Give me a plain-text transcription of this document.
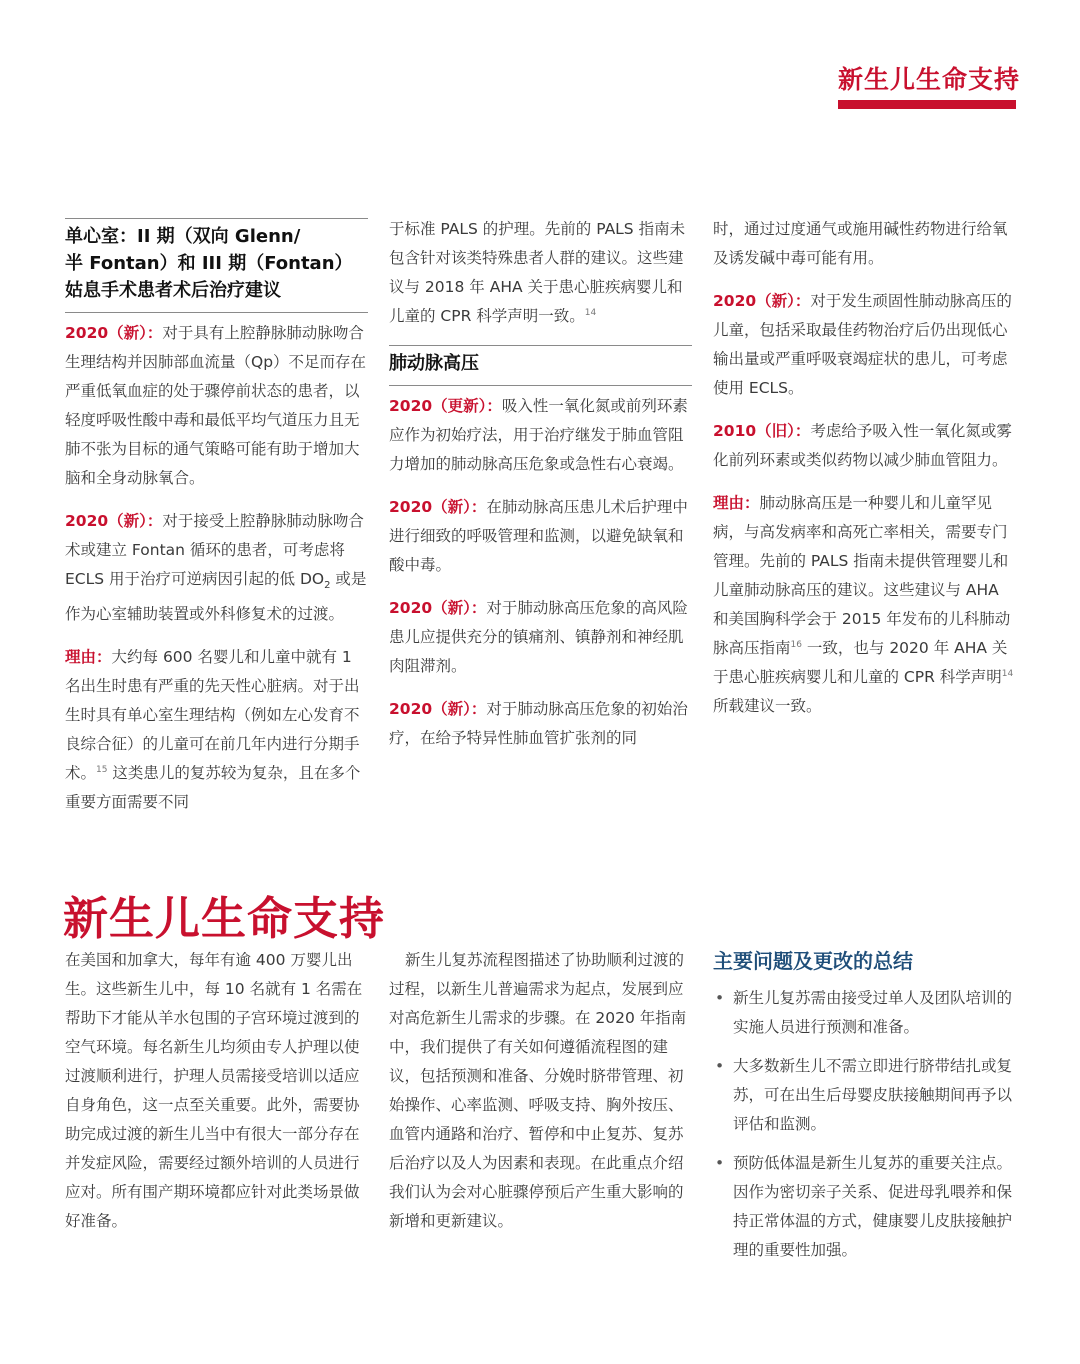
新生儿生命支持
单心室：II 期（双向 Glenn/
半 Fontan）和 III 期（Fontan）
姑息手术患者术后治疗建议

2020（新）：对于具有上腔静脉肺动脉吻合生理结构并因肺部血流量（Qp）不足而存在严重低氧血症的处于骤停前状态的患者，以轻度呼吸性酸中毒和最低平均气道压力且无肺不张为目标的通气策略可能有助于增加大脑和全身动脉氧合。

2020（新）：对于接受上腔静脉肺动脉吻合术或建立 Fontan 循环的患者，可考虑将 ECLS 用于治疗可逆病因引起的低 $DO_2$ 或是作为心室辅助装置或外科修复术的过渡。

理由：大约每 600 名婴儿和儿童中就有 1 名出生时患有严重的先天性心脏病。对于出生时具有单心室生理结构（例如左心发育不良综合征）的儿童可在前几年内进行分期手术。$^{15}$ 这类患儿的复苏较为复杂，且在多个重要方面需要不同

于标准 PALS 的护理。先前的 PALS 指南未包含针对该类特殊患者人群的建议。这些建议与 2018 年 AHA 关于患心脏疾病婴儿和儿童的 CPR 科学声明一致。$^{14}$

肺动脉高压

2020（更新）：吸入性一氧化氮或前列环素应作为初始疗法，用于治疗继发于肺血管阻力增加的肺动脉高压危象或急性右心衰竭。

2020（新）：在肺动脉高压患儿术后护理中进行细致的呼吸管理和监测，以避免缺氧和酸中毒。

2020（新）：对于肺动脉高压危象的高风险患儿应提供充分的镇痛剂、镇静剂和神经肌肉阻滞剂。

2020（新）：对于肺动脉高压危象的初始治疗，在给予特异性肺血管扩张剂的同

时，通过过度通气或施用碱性药物进行给氧及诱发碱中毒可能有用。

2020（新）：对于发生顽固性肺动脉高压的儿童，包括采取最佳药物治疗后仍出现低心输出量或严重呼吸衰竭症状的患儿，可考虑使用 ECLS。

2010（旧）：考虑给予吸入性一氧化氮或雾化前列环素或类似药物以减少肺血管阻力。

理由：肺动脉高压是一种婴儿和儿童罕见病，与高发病率和高死亡率相关，需要专门管理。先前的 PALS 指南未提供管理婴儿和儿童肺动脉高压的建议。这些建议与 AHA 和美国胸科学会于 2015 年发布的儿科肺动脉高压指南$^{16}$ 一致，也与 2020 年 AHA 关于患心脏疾病婴儿和儿童的 CPR 科学声明$^{14}$ 所载建议一致。

新生儿生命支持

在美国和加拿大，每年有逾 400 万婴儿出生。这些新生儿中，每 10 名就有 1 名需在帮助下才能从羊水包围的子宫环境过渡到的空气环境。每名新生儿均须由专人护理以使过渡顺利进行，护理人员需接受培训以适应自身角色，这一点至关重要。此外，需要协助完成过渡的新生儿当中有很大一部分存在并发症风险，需要经过额外培训的人员进行应对。所有围产期环境都应针对此类场景做好准备。

新生儿复苏流程图描述了协助顺利过渡的过程，以新生儿普遍需求为起点，发展到应对高危新生儿需求的步骤。在 2020 年指南中，我们提供了有关如何遵循流程图的建议，包括预测和准备、分娩时脐带管理、初始操作、心率监测、呼吸支持、胸外按压、血管内通路和治疗、暂停和中止复苏、复苏后治疗以及人为因素和表现。在此重点介绍我们认为会对心脏骤停预后产生重大影响的新增和更新建议。

主要问题及更改的总结
• 新生儿复苏需由接受过单人及团队培训的实施人员进行预测和准备。
• 大多数新生儿不需立即进行脐带结扎或复苏，可在出生后母婴皮肤接触期间再予以评估和监测。
• 预防低体温是新生儿复苏的重要关注点。因作为密切亲子关系、促进母乳喂养和保持正常体温的方式，健康婴儿皮肤接触护理的重要性加强。
